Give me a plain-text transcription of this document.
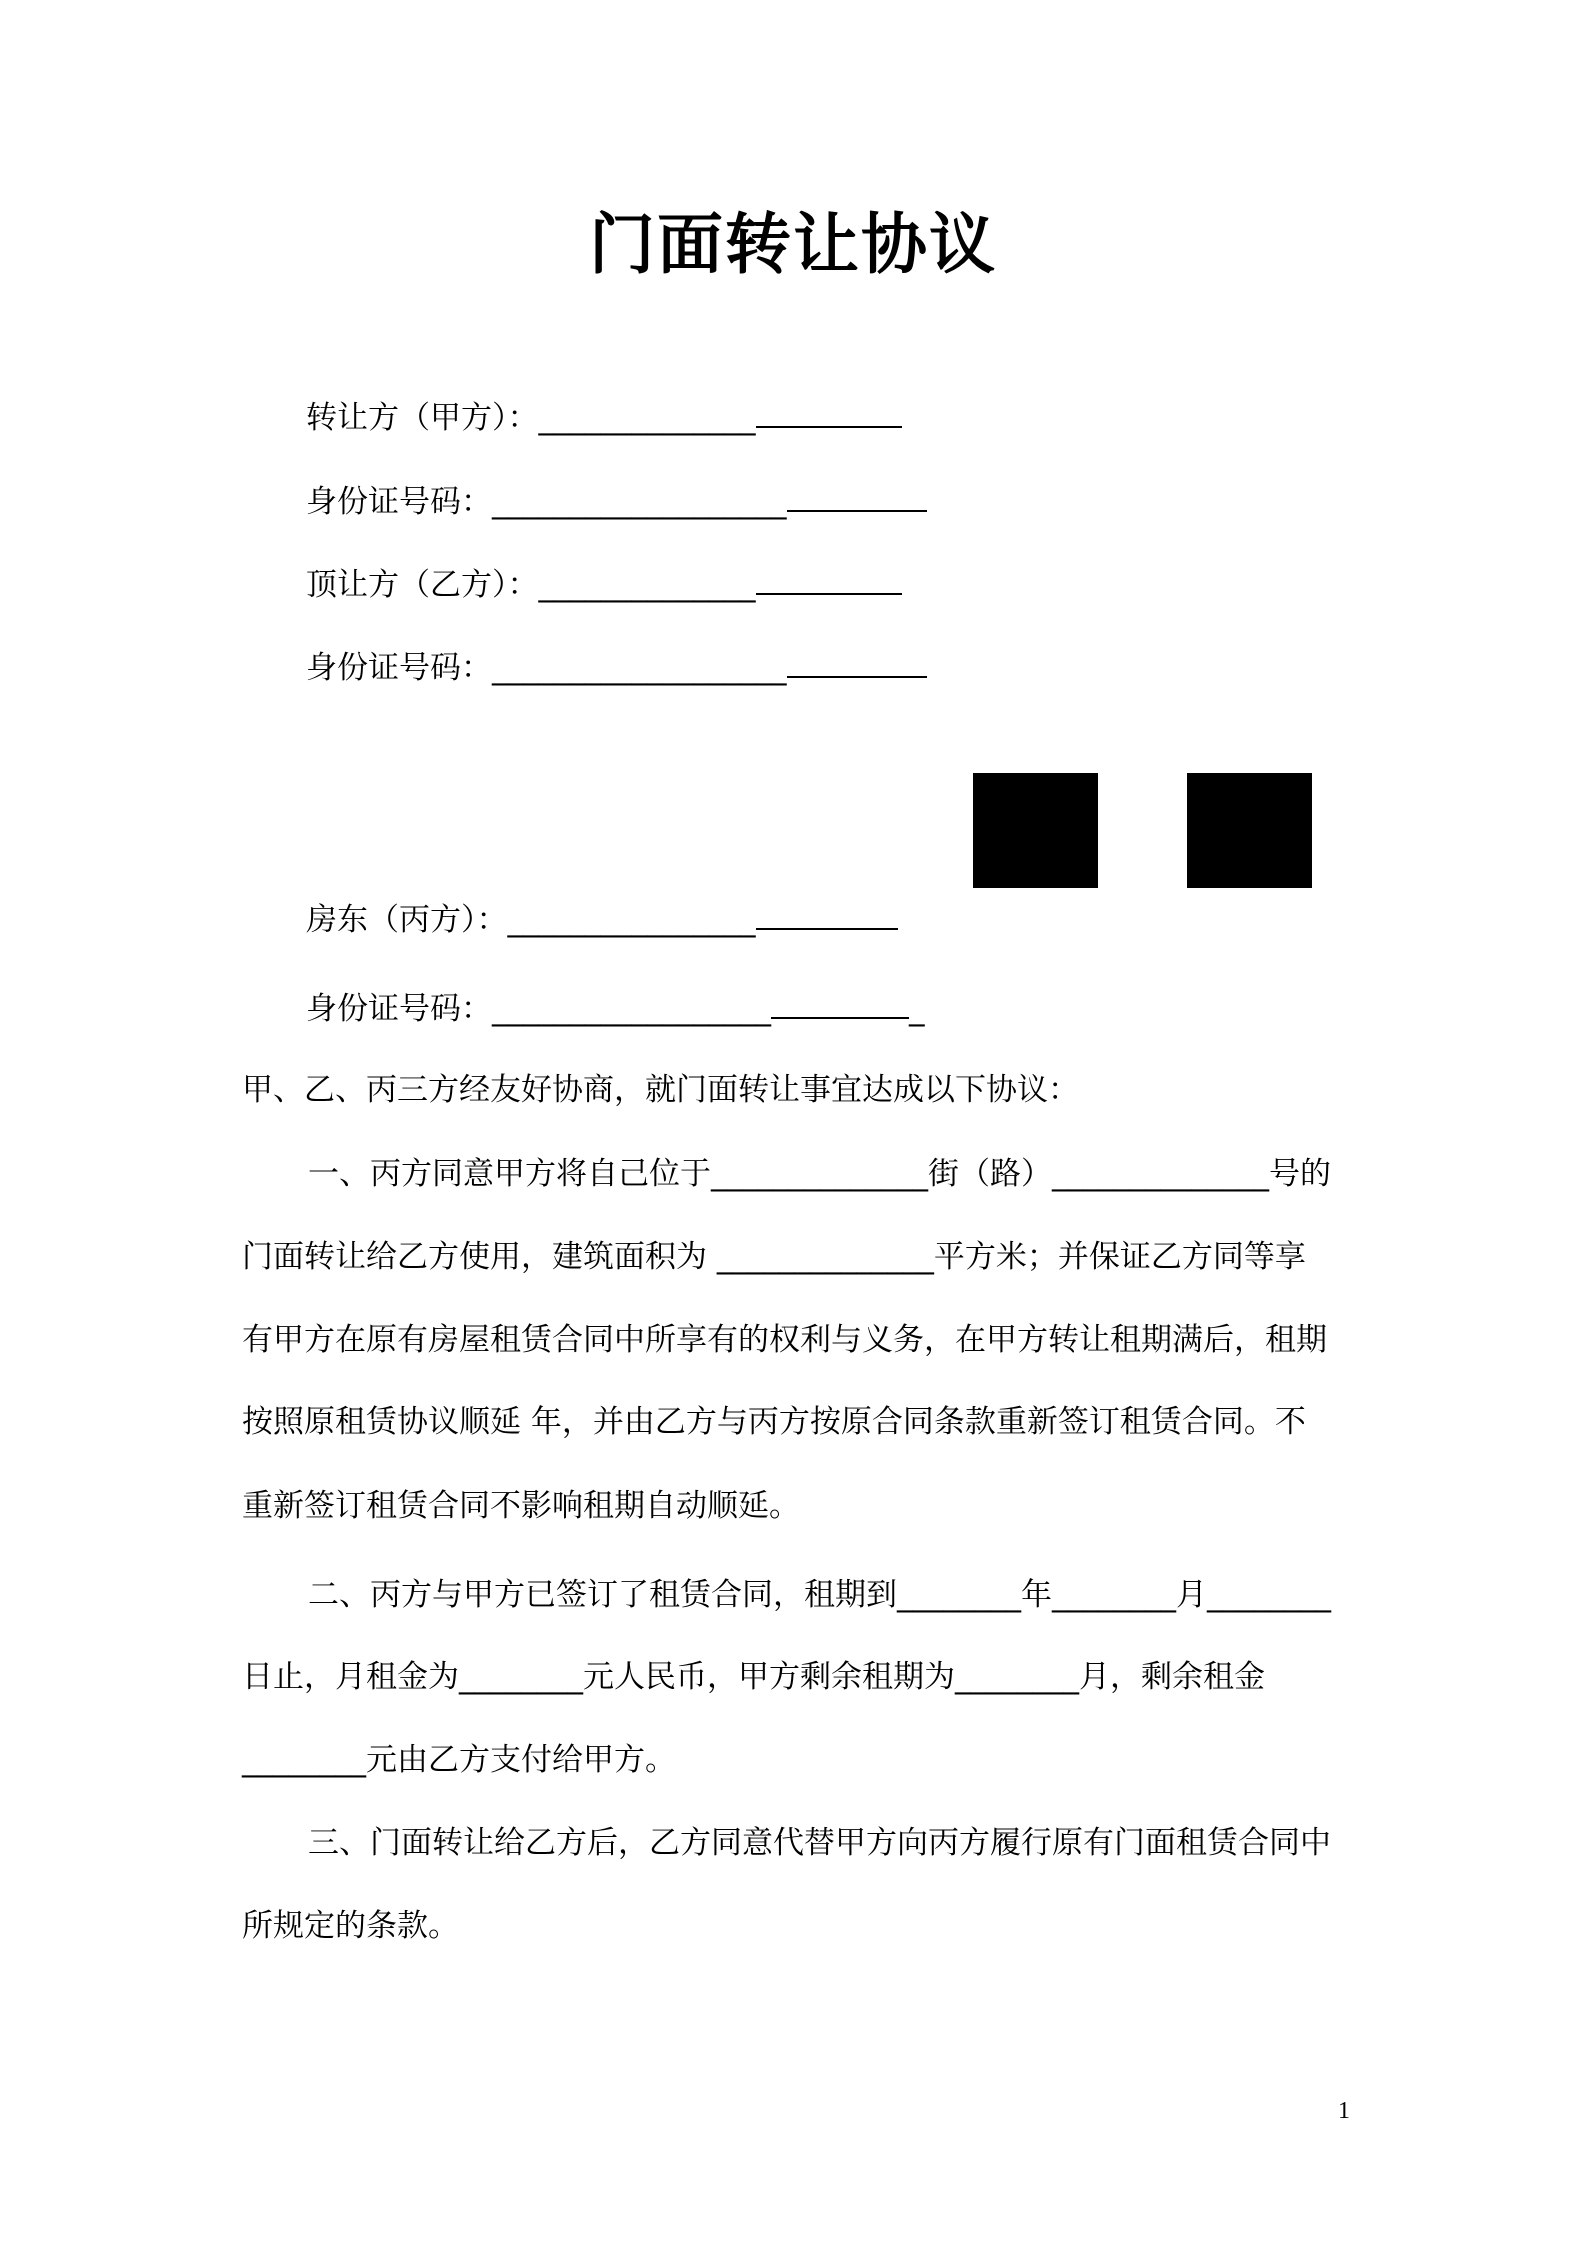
门面转让协议
转让方（甲方）：______________
身份证号码：___________________
顶让方（乙方）：______________
身份证号码：___________________
房东（丙方）：________________
身份证号码：__________________	_
甲、乙、丙三方经友好协商，就门面转让事宜达成以下协议：
一、丙方同意甲方将自己位于______________街（路）______________号的
门面转让给乙方使用，建筑面积为 ______________平方米；并保证乙方同等享
有甲方在原有房屋租赁合同中所享有的权利与义务，在甲方转让租期满后，租期
按照原租赁协议顺延 年，并由乙方与丙方按原合同条款重新签订租赁合同。不
重新签订租赁合同不影响租期自动顺延。
二、丙方与甲方已签订了租赁合同，租期到________年________月________
日止，月租金为________元人民币，甲方剩余租期为________月，剩余租金
________元由乙方支付给甲方。
三、门面转让给乙方后，乙方同意代替甲方向丙方履行原有门面租赁合同中
所规定的条款。
1
